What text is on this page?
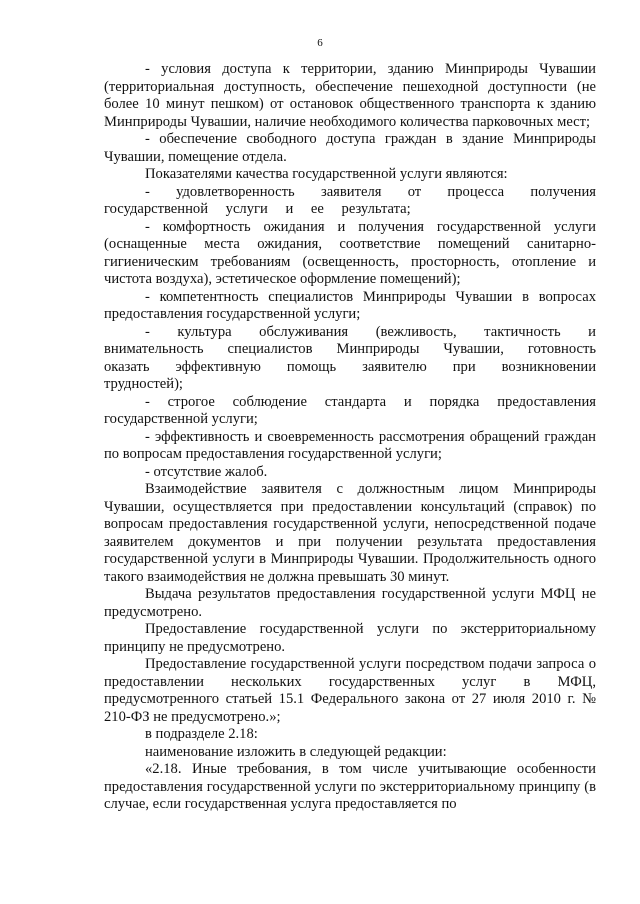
6

- условия доступа к территории, зданию Минприроды Чувашии (территориальная доступность, обеспечение пешеходной доступности (не более 10 минут пешком) от остановок общественного транспорта к зданию Минприроды Чувашии, наличие необходимого количества парковочных мест;

- обеспечение свободного доступа граждан в здание Минприроды Чувашии, помещение отдела.

Показателями качества государственной услуги являются:

- удовлетворенность заявителя от процесса получения государственной услуги и ее результата;

- комфортность ожидания и получения государственной услуги (оснащенные места ожидания, соответствие помещений санитарно-гигиеническим требованиям (освещенность, просторность, отопление и чистота воздуха), эстетическое оформление помещений);

- компетентность специалистов Минприроды Чувашии в вопросах предоставления государственной услуги;

- культура обслуживания (вежливость, тактичность и внимательность специалистов Минприроды Чувашии, готовность оказать эффективную помощь заявителю при возникновении трудностей);

- строгое соблюдение стандарта и порядка предоставления государственной услуги;

- эффективность и своевременность рассмотрения обращений граждан по вопросам предоставления государственной услуги;

- отсутствие жалоб.

Взаимодействие заявителя с должностным лицом Минприроды Чувашии, осуществляется при предоставлении консультаций (справок) по вопросам предоставления государственной услуги, непосредственной подаче заявителем документов и при получении результата предоставления государственной услуги в Минприроды Чувашии. Продолжительность одного такого взаимодействия не должна превышать 30 минут.

Выдача результатов предоставления государственной услуги МФЦ не предусмотрено.

Предоставление государственной услуги по экстерриториальному принципу не предусмотрено.

Предоставление государственной услуги посредством подачи запроса о предоставлении нескольких государственных услуг в МФЦ, предусмотренного статьей 15.1 Федерального закона от 27 июля 2010 г. № 210-ФЗ не предусмотрено.»;

в подразделе 2.18:

наименование изложить в следующей редакции:

«2.18. Иные требования, в том числе учитывающие особенности предоставления государственной услуги по экстерриториальному принципу (в случае, если государственная услуга предоставляется по
